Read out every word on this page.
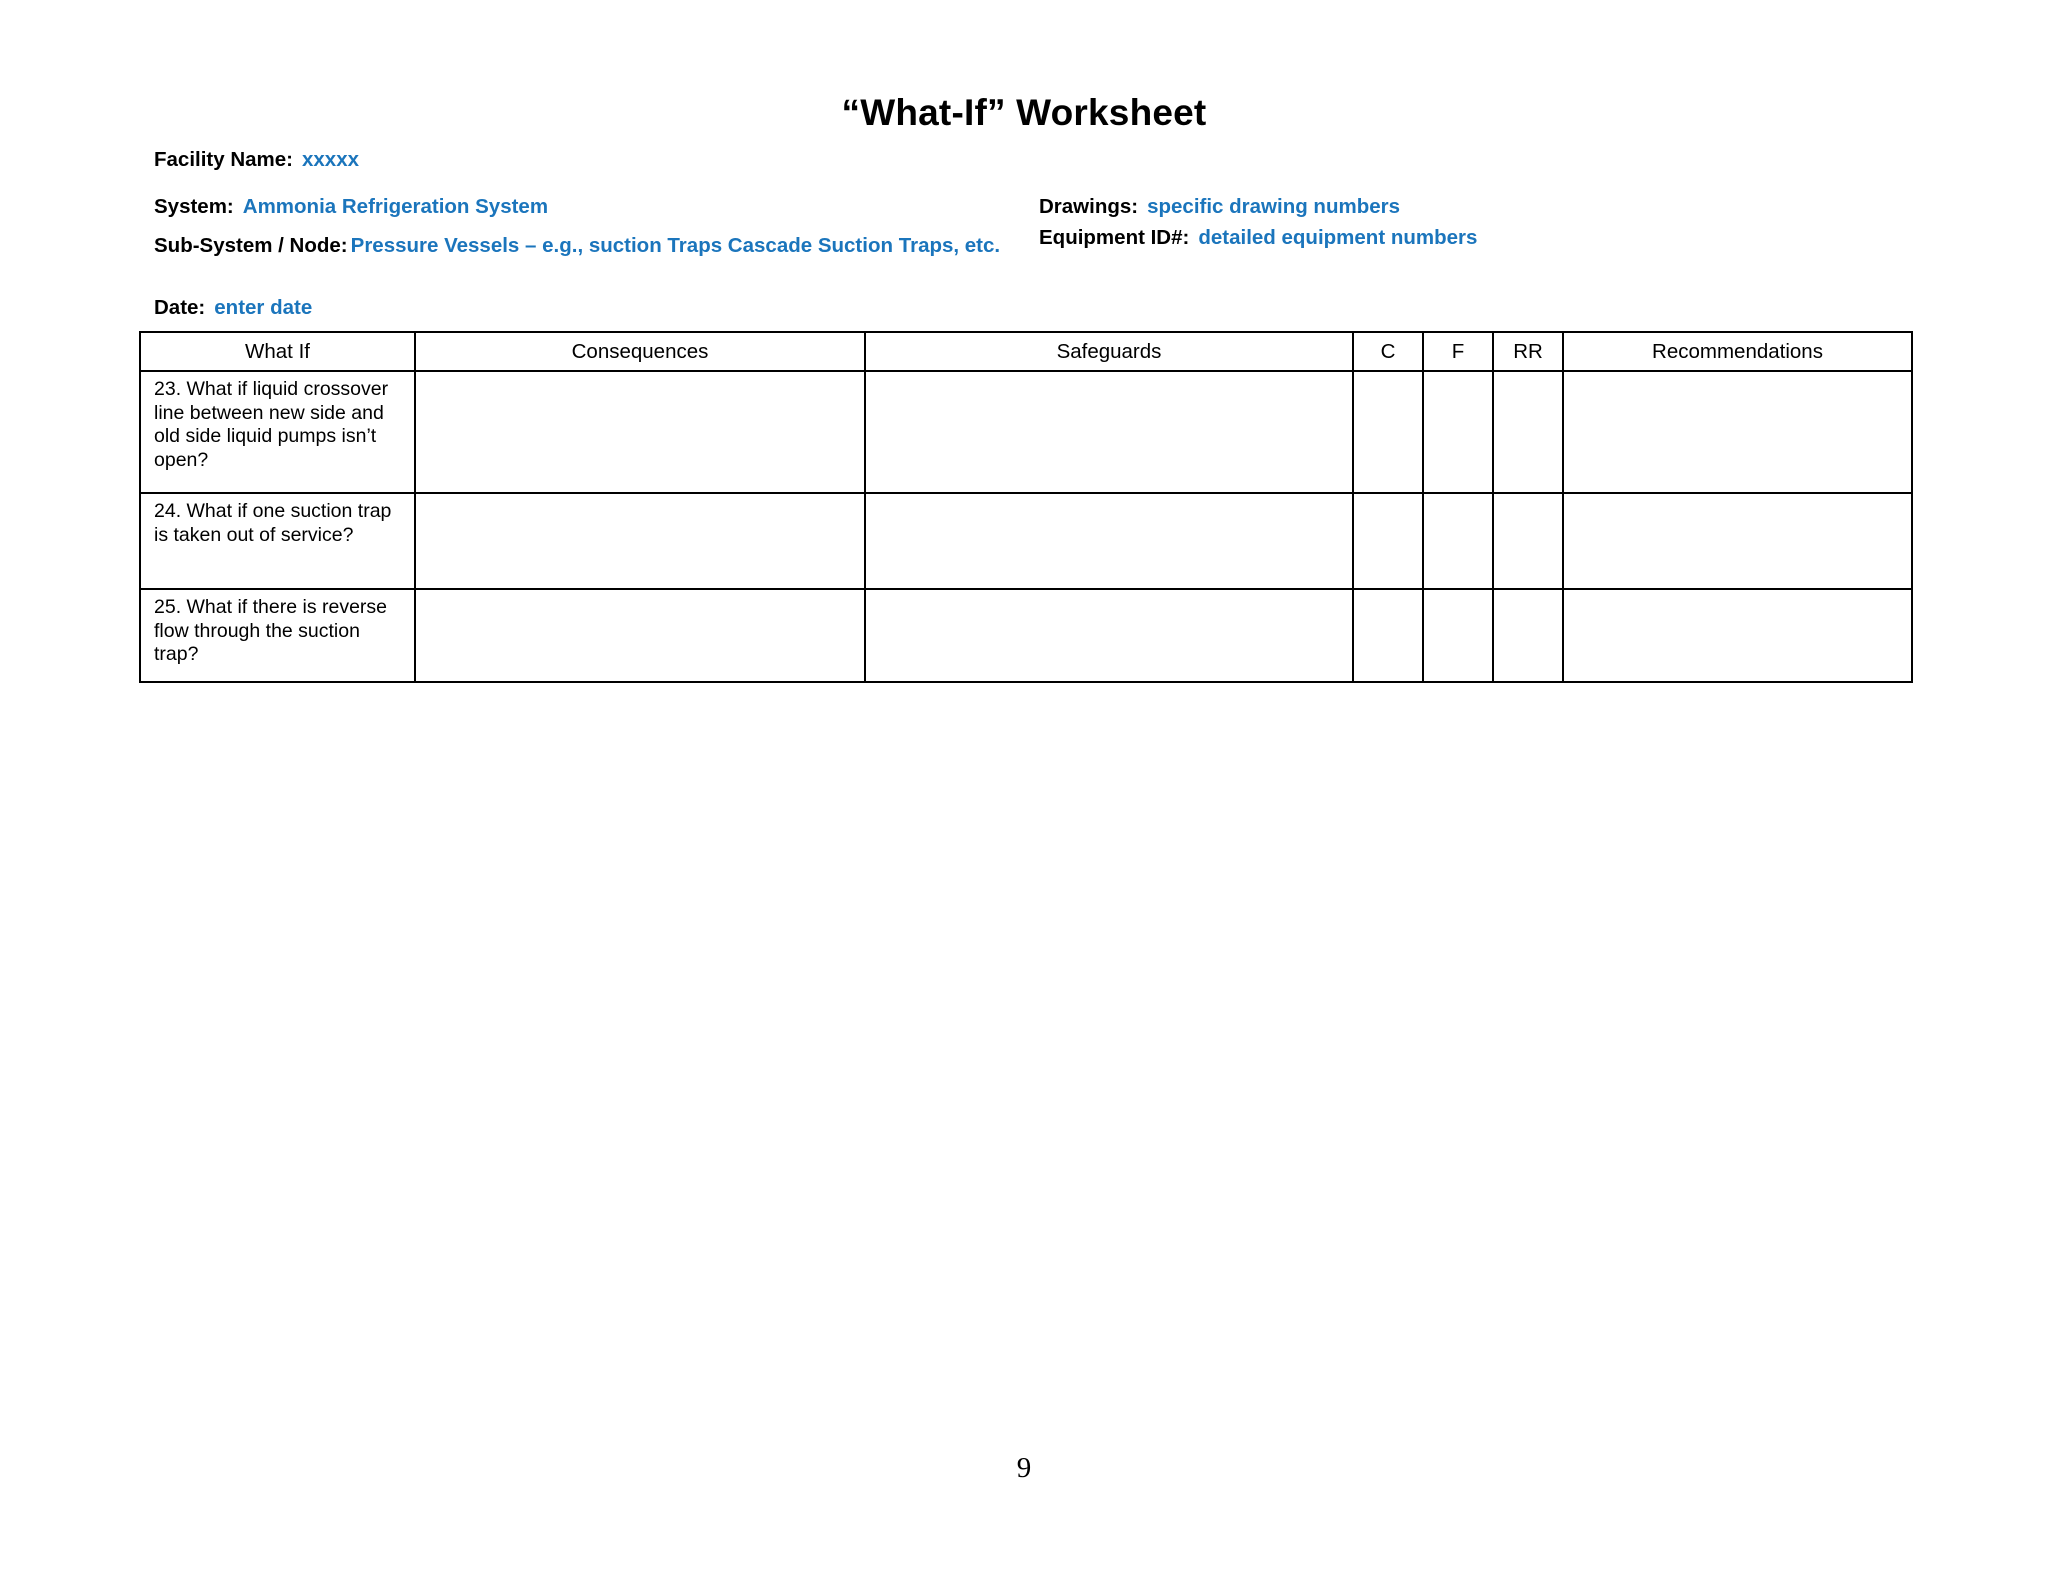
“What-If” Worksheet
Facility Name: xxxxx
System: Ammonia Refrigeration System
Sub-System / Node: Pressure Vessels – e.g., suction Traps Cascade Suction Traps, etc.
Date: enter date
Drawings: specific drawing numbers
Equipment ID#: detailed equipment numbers
What If	Consequences	Safeguards	C	F	RR	Recommendations
23. What if liquid crossover line between new side and old side liquid pumps isn’t open?						
24. What if one suction trap is taken out of service?						
25. What if there is reverse flow through the suction trap?						
9
